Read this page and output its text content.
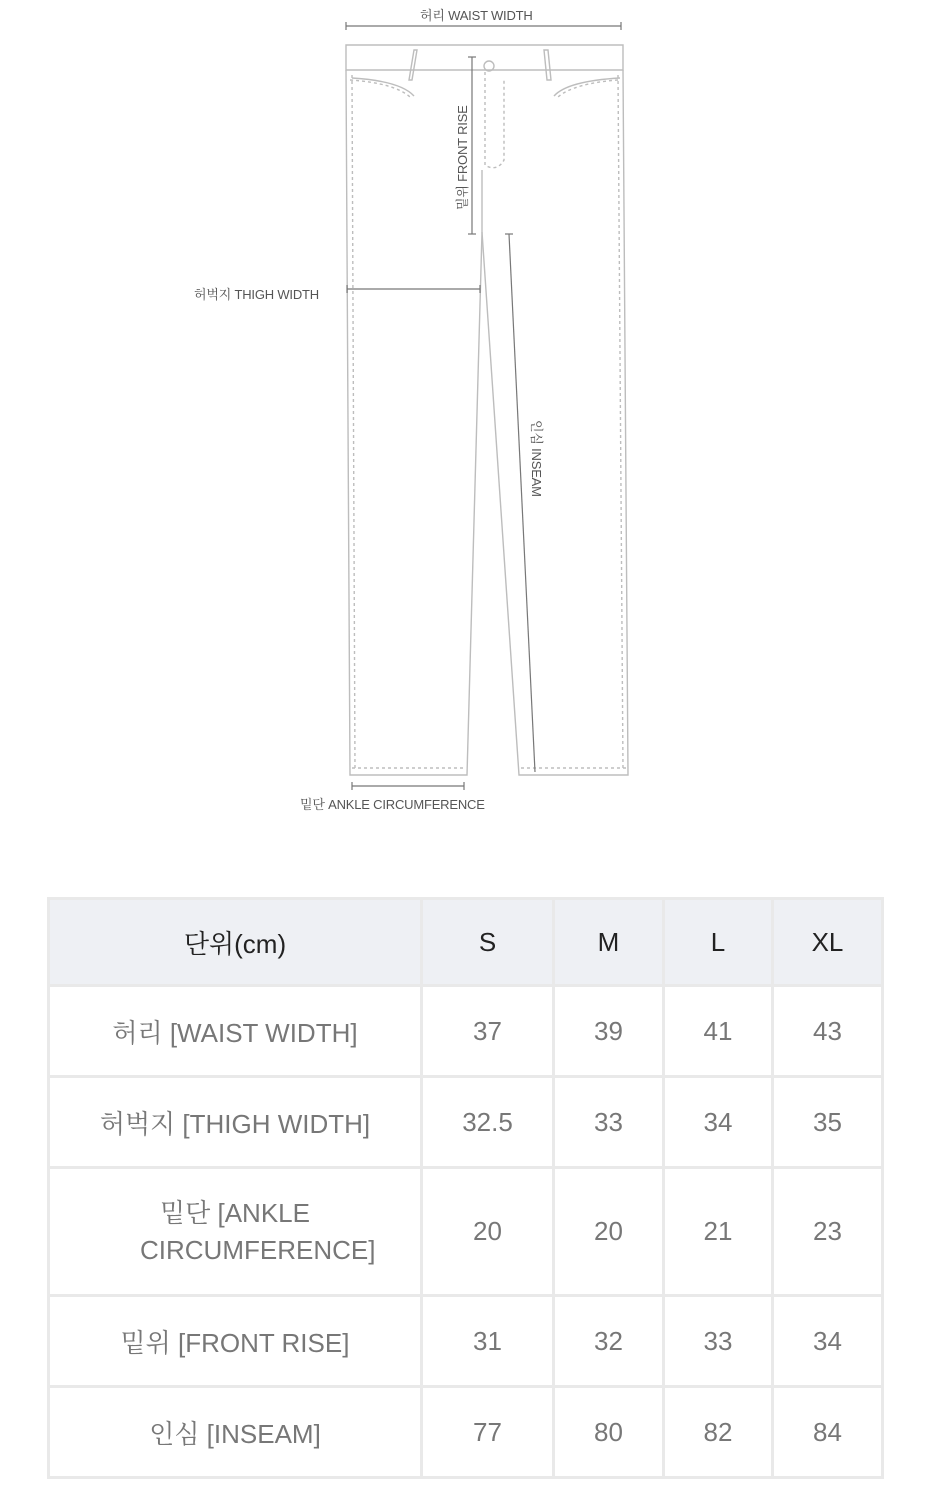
허리 WAIST WIDTH
밑위 FRONT RISE
허벅지 THIGH WIDTH
인심 INSEAM
밑단 ANKLE CIRCUMFERENCE
단위(cm)	S	M	L	XL
허리 [WAIST WIDTH]	37	39	41	43
허벅지 [THIGH WIDTH]	32.5	33	34	35
밑단 [ANKLE CIRCUMFERENCE]	20	20	21	23
밑위 [FRONT RISE]	31	32	33	34
인심 [INSEAM]	77	80	82	84
